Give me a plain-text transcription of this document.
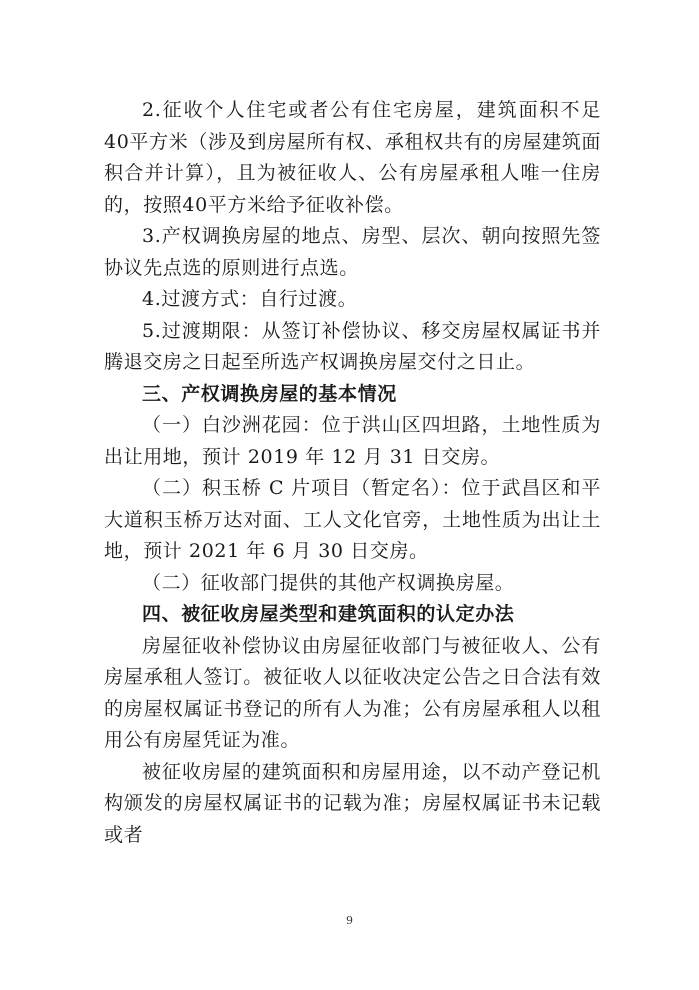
2.征收个人住宅或者公有住宅房屋，建筑面积不足 40平方米（涉及到房屋所有权、承租权共有的房屋建筑面积合并计算），且为被征收人、公有房屋承租人唯一住房的，按照40平方米给予征收补偿。

3.产权调换房屋的地点、房型、层次、朝向按照先签协议先点选的原则进行点选。

4.过渡方式：自行过渡。

5.过渡期限：从签订补偿协议、移交房屋权属证书并腾退交房之日起至所选产权调换房屋交付之日止。

三、产权调换房屋的基本情况

（一）白沙洲花园：位于洪山区四坦路，土地性质为出让用地，预计 2019 年 12 月 31 日交房。

（二）积玉桥 C 片项目（暂定名）：位于武昌区和平大道积玉桥万达对面、工人文化官旁，土地性质为出让土地，预计 2021 年 6 月 30 日交房。

（二）征收部门提供的其他产权调换房屋。

四、被征收房屋类型和建筑面积的认定办法

房屋征收补偿协议由房屋征收部门与被征收人、公有房屋承租人签订。被征收人以征收决定公告之日合法有效的房屋权属证书登记的所有人为准；公有房屋承租人以租用公有房屋凭证为准。

被征收房屋的建筑面积和房屋用途，以不动产登记机构颁发的房屋权属证书的记载为准；房屋权属证书未记载或者

9
